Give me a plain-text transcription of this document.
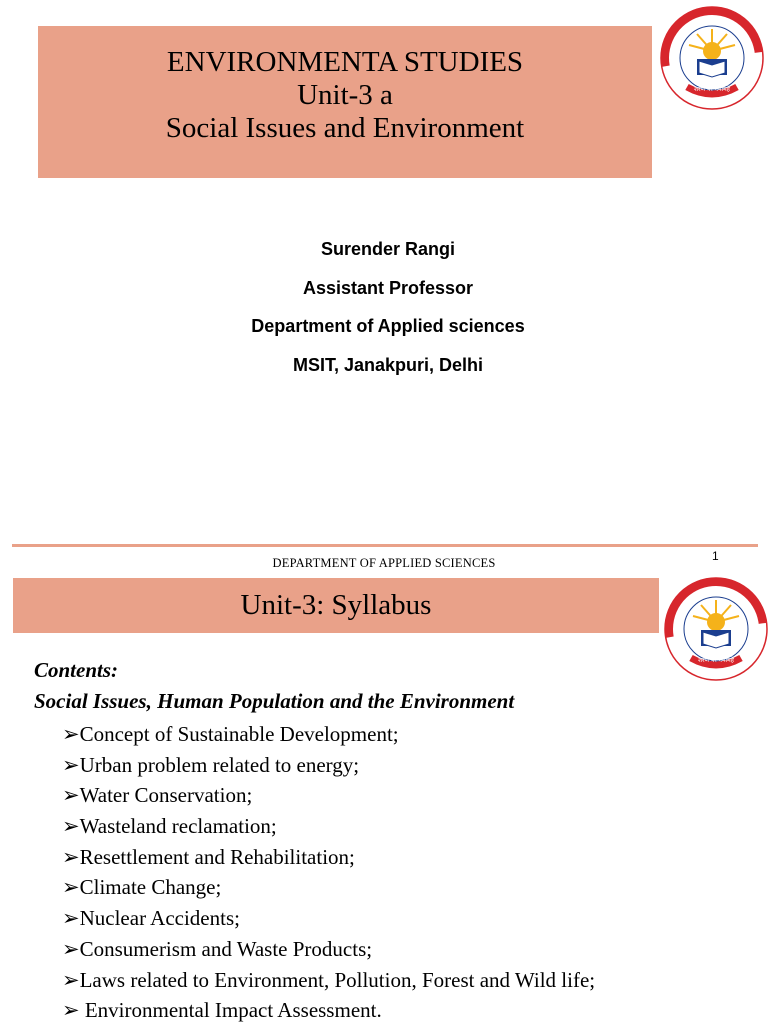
ENVIRONMENTA STUDIES
Unit-3 a
Social Issues and Environment
शरणं पर नमामहे
Surender Rangi
Assistant Professor
Department of Applied sciences
MSIT, Janakpuri, Delhi
DEPARTMENT OF APPLIED SCIENCES	1
Unit-3: Syllabus
शरणं पर नमामहे
Contents:
Social Issues, Human Population and the Environment
➢Concept of Sustainable Development;
➢Urban problem related to energy;
➢Water Conservation;
➢Wasteland reclamation;
➢Resettlement and Rehabilitation;
➢Climate Change;
➢Nuclear Accidents;
➢Consumerism and Waste Products;
➢Laws related to Environment, Pollution, Forest and Wild life;
➢ Environmental Impact Assessment.
